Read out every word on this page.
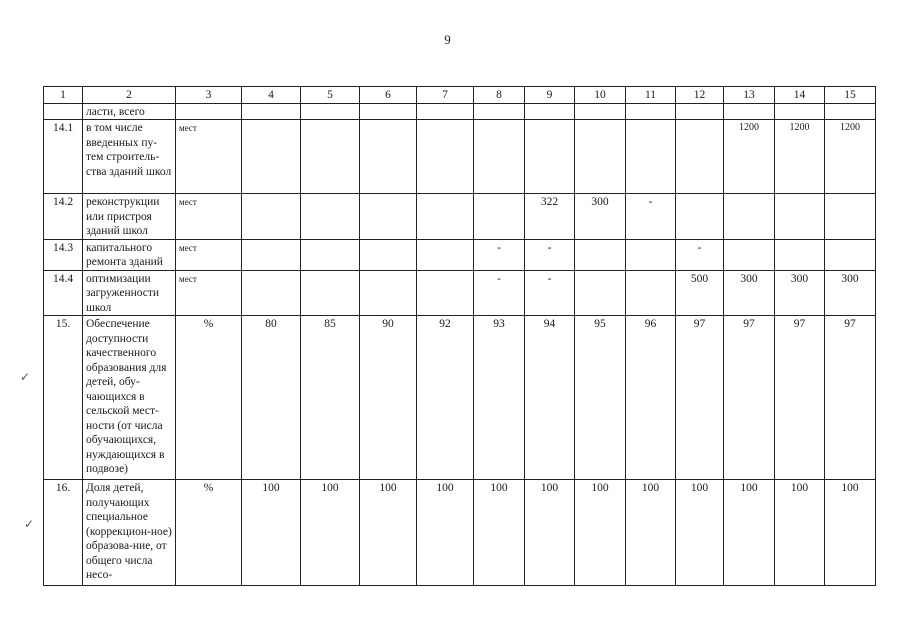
9
1	2	3	4	5	6	7	8	9	10	11	12	13	14	15
	ласти, всего													
14.1	в том числе введенных пу-тем строитель-ства зданий школ	мест										1200	1200	1200
14.2	реконструкции или пристроя зданий школ	мест						322	300	-				
14.3	капитального ремонта зданий	мест					-	-			-			
14.4	оптимизации загруженности школ	мест					-	-			500	300	300	300
15.	Обеспечение доступности качественного образования для детей, обу-чающихся в сельской мест-ности (от числа обучающихся, нуждающихся в подвозе)	%	80	85	90	92	93	94	95	96	97	97	97	97
16.	Доля детей, получающих специальное (коррекцион-ное) образова-ние, от общего числа несо-	%	100	100	100	100	100	100	100	100	100	100	100	100
✓
✓
